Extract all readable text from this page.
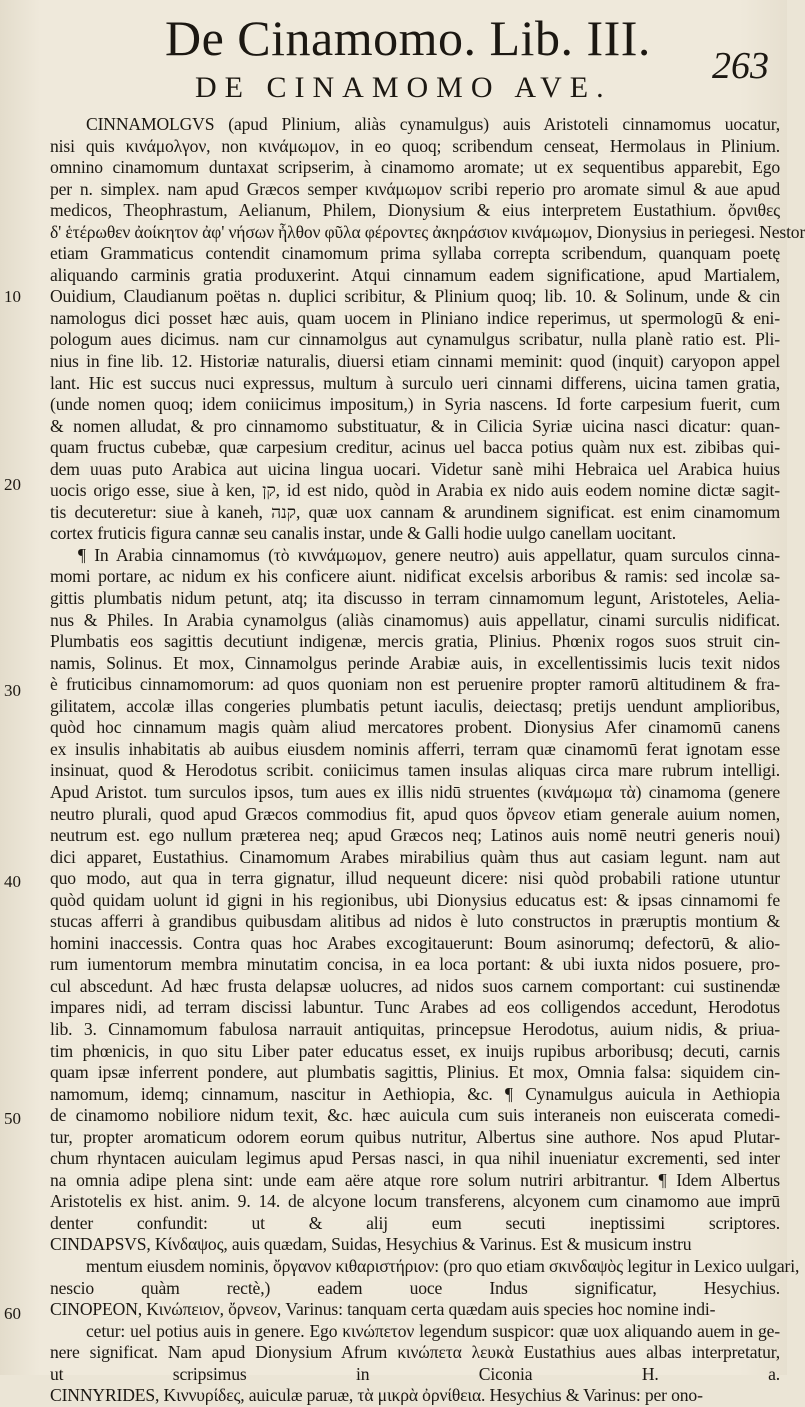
De Cinamomo. Lib. III. 263
DE CINAMOMO AVE.
CINNAMOLGVS (apud Plinium, aliàs cynamulgus) auis Aristoteli cinnamomus uocatur,
nisi quis κινάμολγον, non κινάμωμον, in eo quoq; scribendum censeat, Hermolaus in Plinium.
omnino cinamomum duntaxat scripserim, à cinamomo aromate; ut ex sequentibus apparebit, Ego
per n. simplex. nam apud Græcos semper κινάμωμον scribi reperio pro aromate simul & aue apud
medicos, Theophrastum, Aelianum, Philem, Dionysium & eius interpretem Eustathium. ὄρνιθες
δ' ἑτέρωθεν ἀοίκητον ἀφ' νήσων ἦλθον φῦλα φέροντες ἀκηράσιον κινάμωμον, Dionysius in periegesi. Nestor
etiam Grammaticus contendit cinamomum prima syllaba correpta scribendum, quanquam poetę
aliquando carminis gratia produxerint. Atqui cinnamum eadem significatione, apud Martialem,
Ouidium, Claudianum poëtas n. duplici scribitur, & Plinium quoq; lib. 10. & Solinum, unde & cin
namologus dici posset hæc auis, quam uocem in Pliniano indice reperimus, ut spermologū & eni-
pologum aues dicimus. nam cur cinnamolgus aut cynamulgus scribatur, nulla planè ratio est. Pli-
nius in fine lib. 12. Historiæ naturalis, diuersi etiam cinnami meminit: quod (inquit) caryopon appel
lant. Hic est succus nuci expressus, multum à surculo ueri cinnami differens, uicina tamen gratia,
(unde nomen quoq; idem coniicimus impositum,) in Syria nascens. Id forte carpesium fuerit, cum
& nomen alludat, & pro cinnamomo substituatur, & in Cilicia Syriæ uicina nasci dicatur: quan-
quam fructus cubebæ, quæ carpesium creditur, acinus uel bacca potius quàm nux est. zibibas qui-
dem uuas puto Arabica aut uicina lingua uocari. Videtur sanè mihi Hebraica uel Arabica huius
uocis origo esse, siue à ken, קן, id est nido, quòd in Arabia ex nido auis eodem nomine dictæ sagit-
tis decuteretur: siue à kaneh, קנה, quæ uox cannam & arundinem significat. est enim cinamomum
cortex fruticis figura cannæ seu canalis instar, unde & Galli hodie uulgo canellam uocitant.
¶ In Arabia cinnamomus (τὸ κιννάμωμον, genere neutro) auis appellatur, quam surculos cinna-
momi portare, ac nidum ex his conficere aiunt. nidificat excelsis arboribus & ramis: sed incolæ sa-
gittis plumbatis nidum petunt, atq; ita discusso in terram cinnamomum legunt, Aristoteles, Aelia-
nus & Philes. In Arabia cynamolgus (aliàs cinamomus) auis appellatur, cinami surculis nidificat.
Plumbatis eos sagittis decutiunt indigenæ, mercis gratia, Plinius. Phœnix rogos suos struit cin-
namis, Solinus. Et mox, Cinnamolgus perinde Arabiæ auis, in excellentissimis lucis texit nidos
è fruticibus cinnamomorum: ad quos quoniam non est peruenire propter ramorū altitudinem & fra-
gilitatem, accolæ illas congeries plumbatis petunt iaculis, deiectasq; pretijs uendunt amplioribus,
quòd hoc cinnamum magis quàm aliud mercatores probent. Dionysius Afer cinamomū canens
ex insulis inhabitatis ab auibus eiusdem nominis afferri, terram quæ cinamomū ferat ignotam esse
insinuat, quod & Herodotus scribit. coniicimus tamen insulas aliquas circa mare rubrum intelligi.
Apud Aristot. tum surculos ipsos, tum aues ex illis nidū struentes (κινάμωμα τὰ) cinamoma (genere
neutro plurali, quod apud Græcos commodius fit, apud quos ὄρνεον etiam generale auium nomen,
neutrum est. ego nullum præterea neq; apud Græcos neq; Latinos auis nomē neutri generis noui)
dici apparet, Eustathius. Cinamomum Arabes mirabilius quàm thus aut casiam legunt. nam aut
quo modo, aut qua in terra gignatur, illud nequeunt dicere: nisi quòd probabili ratione utuntur
quòd quidam uolunt id gigni in his regionibus, ubi Dionysius educatus est: & ipsas cinnamomi fe
stucas afferri à grandibus quibusdam alitibus ad nidos è luto constructos in præruptis montium &
homini inaccessis. Contra quas hoc Arabes excogitauerunt: Boum asinorumq; defectorū, & alio-
rum iumentorum membra minutatim concisa, in ea loca portant: & ubi iuxta nidos posuere, pro-
cul abscedunt. Ad hæc frusta delapsæ uolucres, ad nidos suos carnem comportant: cui sustinendæ
impares nidi, ad terram discissi labuntur. Tunc Arabes ad eos colligendos accedunt, Herodotus
lib. 3. Cinnamomum fabulosa narrauit antiquitas, princepsue Herodotus, auium nidis, & priua-
tim phœnicis, in quo situ Liber pater educatus esset, ex inuijs rupibus arboribusq; decuti, carnis
quam ipsæ inferrent pondere, aut plumbatis sagittis, Plinius. Et mox, Omnia falsa: siquidem cin-
namomum, idemq; cinnamum, nascitur in Aethiopia, &c. ¶ Cynamulgus auicula in Aethiopia
de cinamomo nobiliore nidum texit, &c. hæc auicula cum suis interaneis non euiscerata comedi-
tur, propter aromaticum odorem eorum quibus nutritur, Albertus sine authore. Nos apud Plutar-
chum rhyntacen auiculam legimus apud Persas nasci, in qua nihil inueniatur excrementi, sed inter
na omnia adipe plena sint: unde eam aëre atque rore solum nutriri arbitrantur. ¶ Idem Albertus
Aristotelis ex hist. anim. 9. 14. de alcyone locum transferens, alcyonem cum cinamomo aue imprū
denter confundit: ut & alij eum secuti ineptissimi scriptores.
CINDAPSVS, Κίνδαψος, auis quædam, Suidas, Hesychius & Varinus. Est & musicum instru
mentum eiusdem nominis, ὄργανον κιθαριστήριον: (pro quo etiam σκινδαψὸς legitur in Lexico uulgari,
nescio quàm rectè,) eadem uoce Indus significatur, Hesychius.
CINOPEON, Κινώπειον, ὄρνεον, Varinus: tanquam certa quædam auis species hoc nomine indi-
cetur: uel potius auis in genere. Ego κινώπετον legendum suspicor: quæ uox aliquando auem in ge-
nere significat. Nam apud Dionysium Afrum κινώπετα λευκὰ Eustathius aues albas interpretatur,
ut scripsimus in Ciconia H. a.
CINNYRIDES, Κιννυρίδες, auiculæ paruæ, τὰ μικρὰ ὀρνίθεια. Hesychius & Varinus: per ono-
10
20
30
40
50
60
